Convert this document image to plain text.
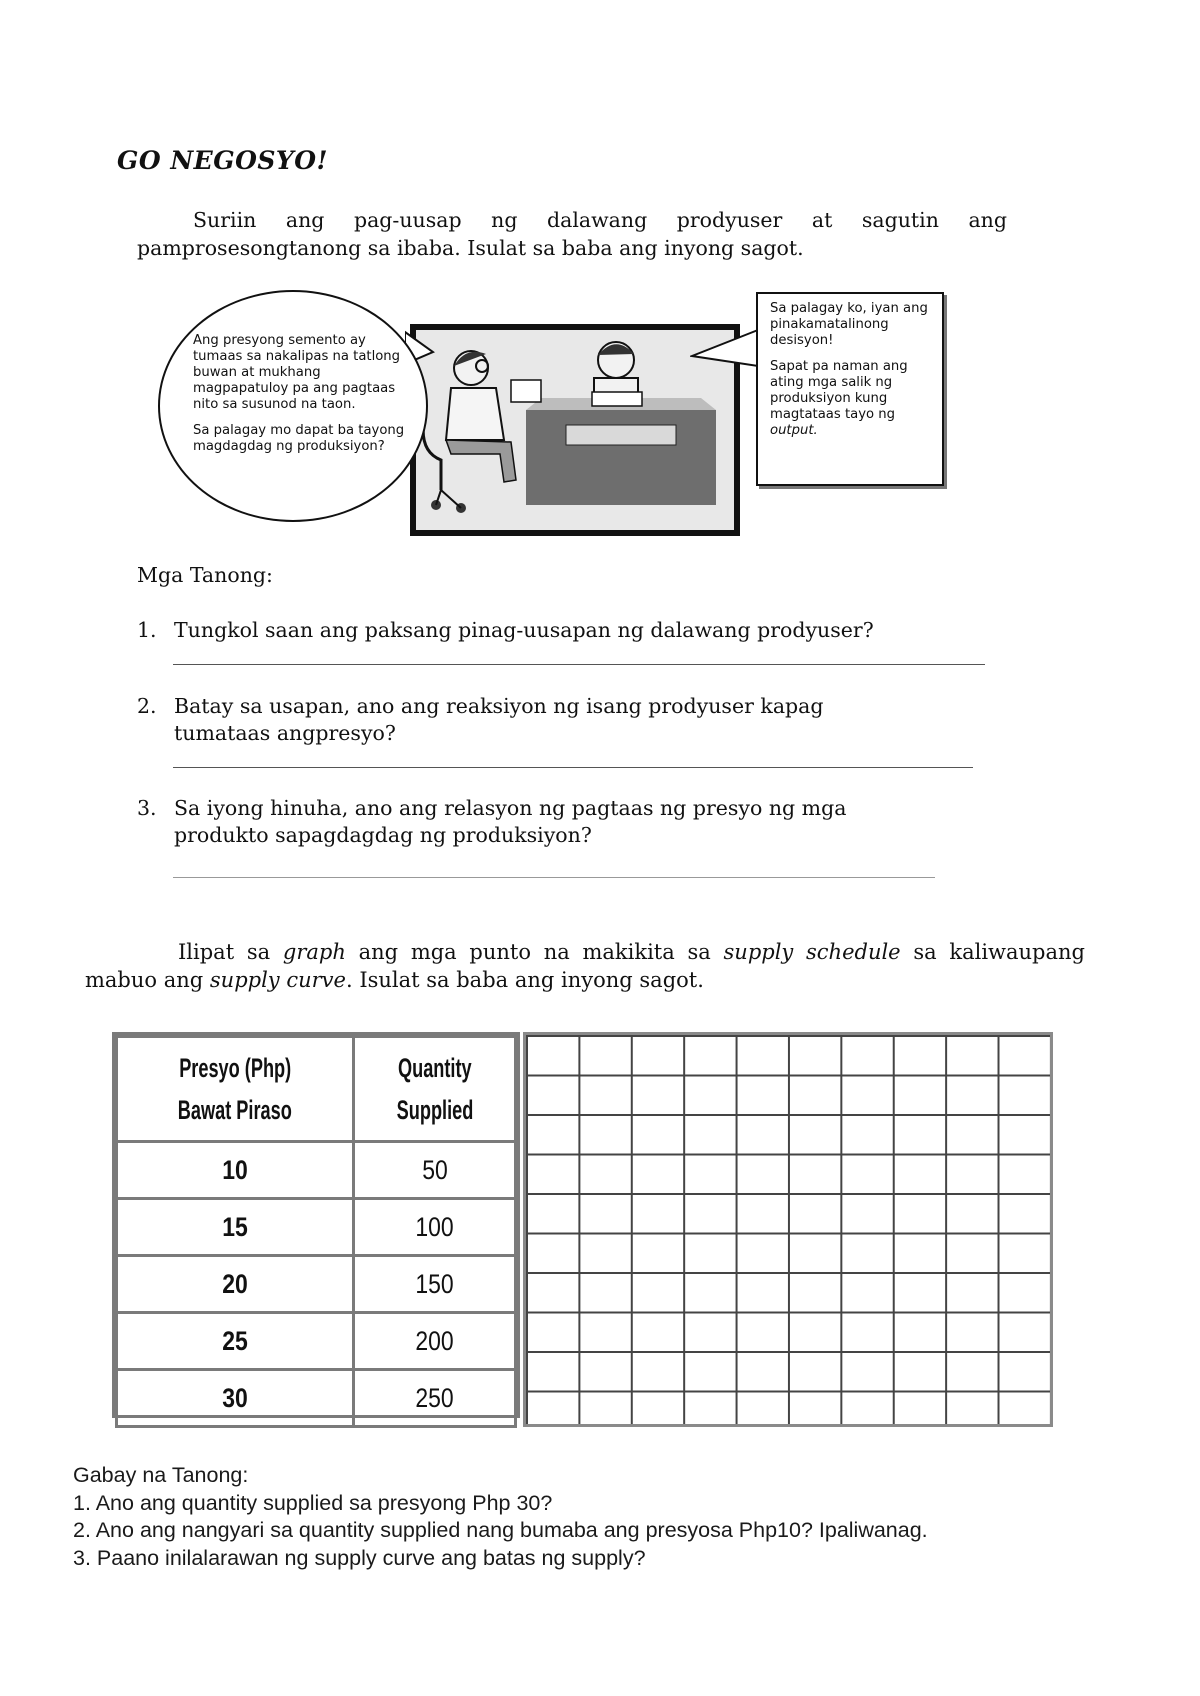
GO NEGOSYO!
Suriin ang pag-uusap ng dalawang prodyuser at sagutin ang pamprosesongtanong sa ibaba. Isulat sa baba ang inyong sagot.

Ang presyong semento ay tumaas sa nakalipas na tatlong buwan at mukhang magpapatuloy pa ang pagtaas nito sa susunod na taon.

Sa palagay mo dapat ba tayong magdagdag ng produksiyon?

Sa palagay ko, iyan ang pinakamatalinong desisyon!

Sapat pa naman ang ating mga salik ng produksiyon kung magtataas tayo ng

output.

Mga Tanong:
1. Tungkol saan ang paksang pinag-uusapan ng dalawang prodyuser?
2. Batay sa usapan, ano ang reaksiyon ng isang prodyuser kapag
tumataas angpresyo?
3. Sa iyong hinuha, ano ang relasyon ng pagtaas ng presyo ng mga
produkto sapagdagdag ng produksiyon?
Ilipat sa graph ang mga punto na makikita sa supply schedule sa kaliwaupang mabuo ang supply curve. Isulat sa baba ang inyong sagot.
Presyo (Php)
Bawat Piraso	Quantity
Supplied
10	50
15	100
20	150
25	200
30	250
Gabay na Tanong:
1. Ano ang quantity supplied sa presyong Php 30?
2. Ano ang nangyari sa quantity supplied nang bumaba ang presyosa Php10? Ipaliwanag.
3. Paano inilalarawan ng supply curve ang batas ng supply?
